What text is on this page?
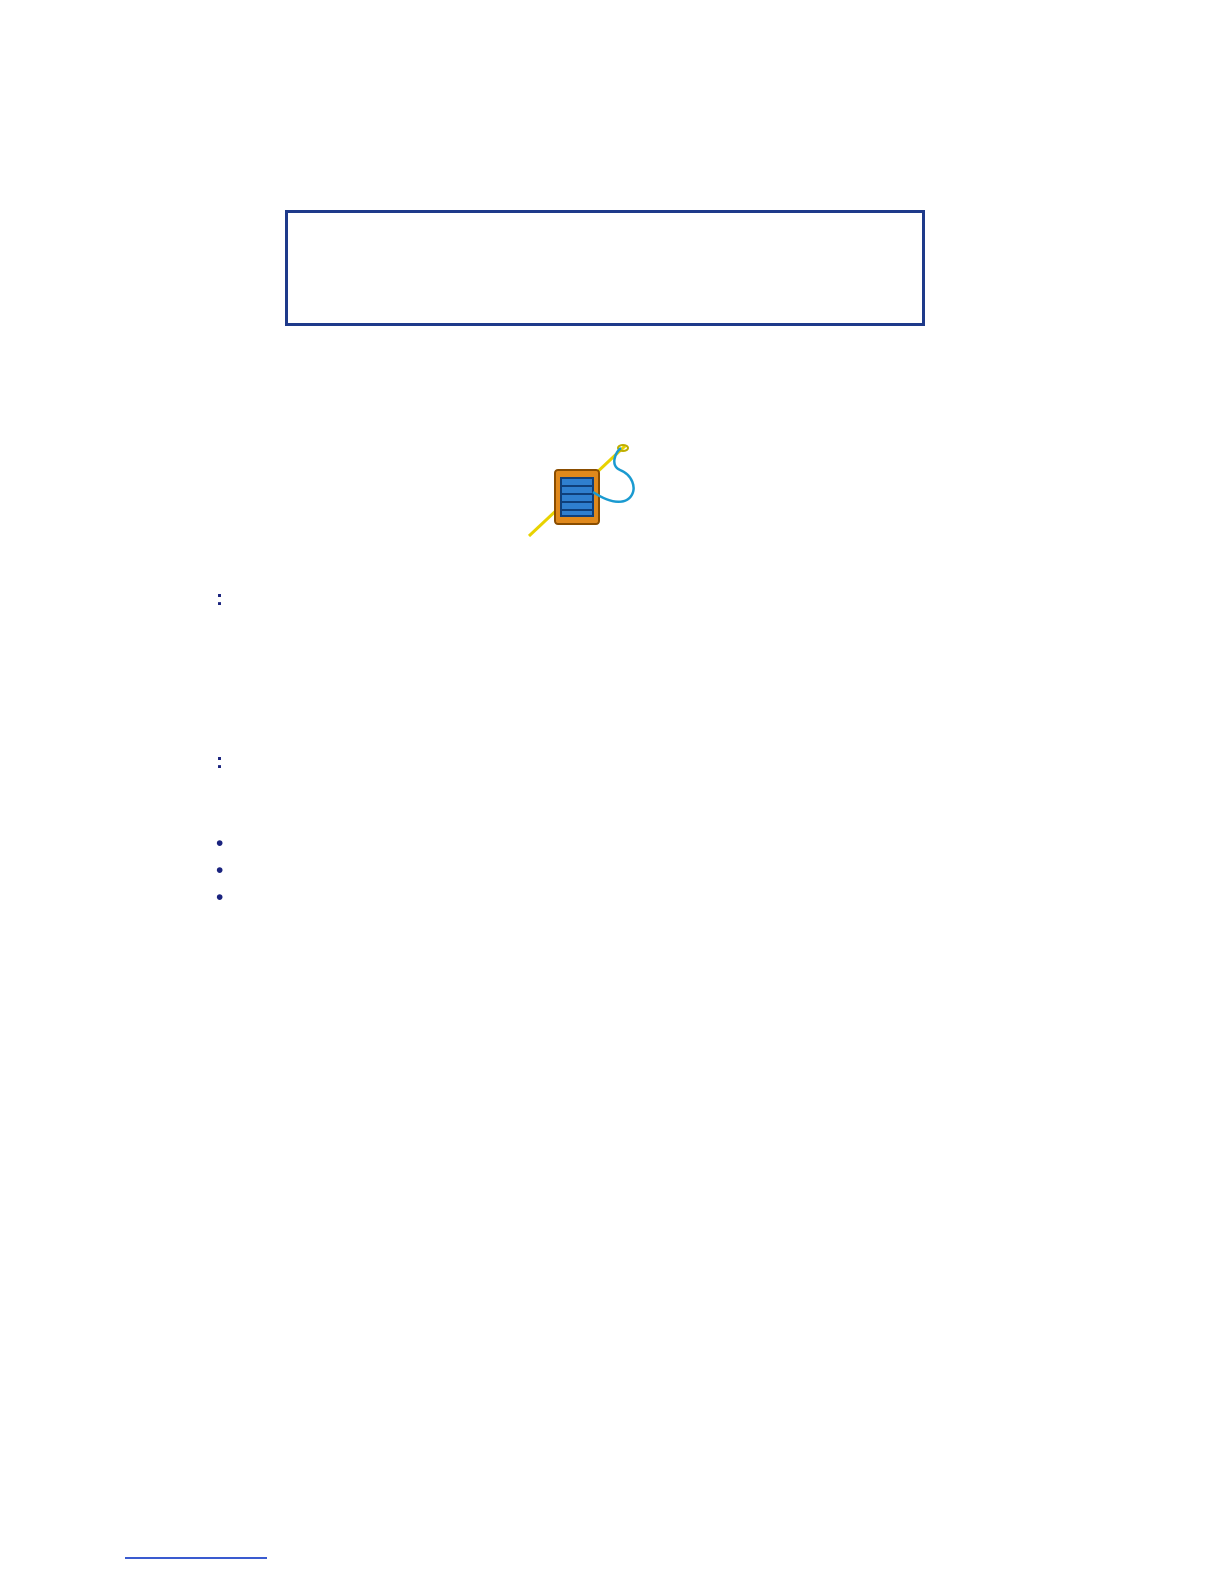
:
:
•
•
•
